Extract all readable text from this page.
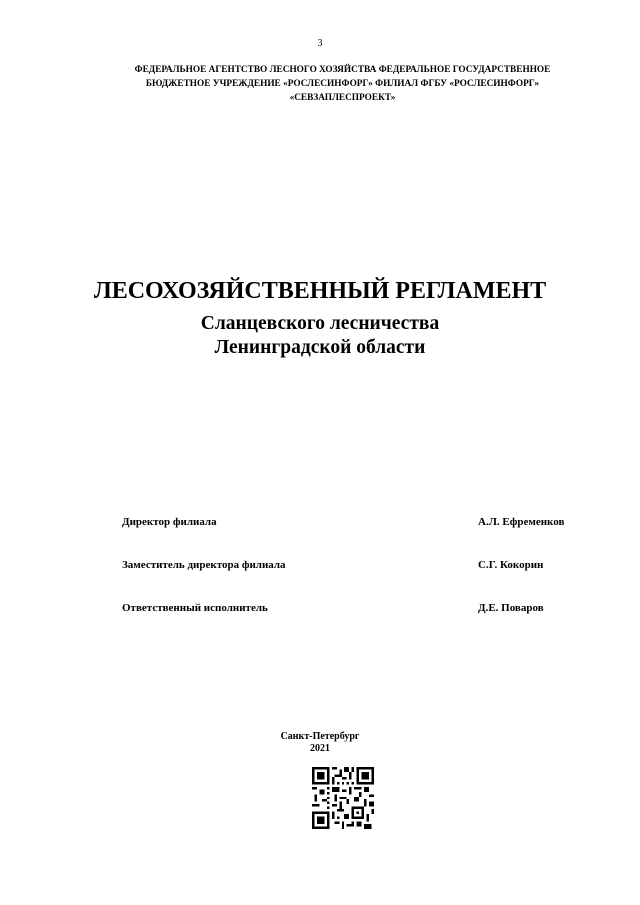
3
ФЕДЕРАЛЬНОЕ АГЕНТСТВО ЛЕСНОГО ХОЗЯЙСТВА ФЕДЕРАЛЬНОЕ ГОСУДАРСТВЕННОЕ
БЮДЖЕТНОЕ УЧРЕЖДЕНИЕ «РОСЛЕСИНФОРГ» ФИЛИАЛ ФГБУ «РОСЛЕСИНФОРГ»
«СЕВЗАПЛЕСПРОЕКТ»
ЛЕСОХОЗЯЙСТВЕННЫЙ РЕГЛАМЕНТ
Сланцевского лесничества
Ленинградской области
Директор филиала	А.Л. Ефременков
Заместитель директора филиала	С.Г. Кокорин
Ответственный исполнитель	Д.Е. Поваров
Санкт-Петербург
2021
